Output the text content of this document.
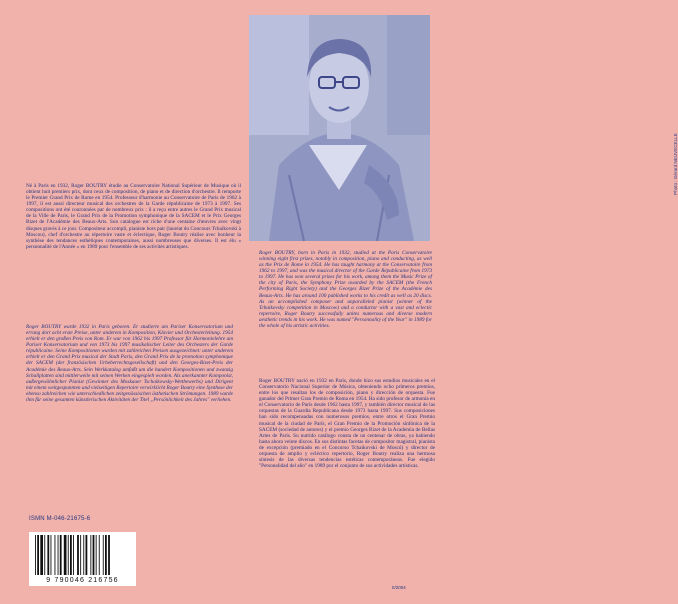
Photo : Gérard NEUVECELLE

Né à Paris en 1932, Roger BOUTRY étudie au Conservatoire National Supérieur de Musique où il obtient huit premiers prix, dont ceux de composition, de piano et de direction d'orchestre. Il remporte le Premier Grand Prix de Rome en 1954. Professeur d'harmonie au Conservatoire de Paris de 1962 à 1997, il est aussi directeur musical des orchestres de la Garde républicaine de 1973 à 1997. Ses compositions ont été couronnées par de nombreux prix : il a reçu entre autres le Grand Prix musical de la Ville de Paris, le Grand Prix de la Promotion symphonique de la SACEM et le Prix Georges Bizet de l'Académie des Beaux-Arts. Son catalogue est riche d'une centaine d'œuvres avec vingt disques gravés à ce jour. Compositeur accompli, pianiste hors pair (lauréat du Concours Tchaïkovski à Moscou), chef d'orchestre au répertoire vaste et éclectique, Roger Boutry réalise avec bonheur la synthèse des tendances esthétiques contemporaines, aussi nombreuses que diverses. Il est élu « personnalité de l'Année » en 1989 pour l'ensemble de ses activités artistiques.

Roger BOUTRY, born in Paris in 1932, studied at the Paris Conservatoire winning eight first prizes, notably in composition, piano and conducting, as well as the Prix de Rome in 1954. He has taught harmony at the Conservatoire from 1962 to 1997, and was the musical director of the Garde Républicaine from 1973 to 1997. He has won several prizes for his work, among them the Music Prize of the city of Paris, the Symphony Prize awarded by the SACEM (the French Performing Right Society) and the Georges Bizet Prize of the Académie des Beaux-Arts. He has around 100 published works to his credit as well as 20 discs. As an accomplished composer and unparalleled pianist (winner of the Tchaikovsky competition in Moscow) and a conductor with a vast and eclectic repertoire, Roger Boutry successfully unites numerous and diverse modern aesthetic trends in his work. He was named "Personnality of the Year" in 1989 for the whole of his artistic activities.

Roger BOUTRY wurde 1932 in Paris geboren. Er studierte am Pariser Konservatorium und errang dort acht erste Preise, unter anderem in Komposition, Klavier und Orchesterleitung. 1954 erhielt er den großen Preis von Rom. Er war von 1962 bis 1997 Professor für Harmonielehre am Pariser Konservatorium und von 1973 bis 1997 musikalischer Leiter des Orchesters der Garde républicaine. Seine Kompositionen wurden mit zahlreichen Preisen ausgezeichnet: unter anderem erhielt er den Grand Prix musical der Stadt Paris, den Grand Prix de la promotion symphonique der SACEM (der französischen Urheberrechtsgesellschaft) und den Georges-Bizet-Preis der Académie des Beaux-Arts. Sein Werkkatalog umfaßt um die hundert Kompositionen und zwanzig Schallplatten sind mittlerweile mit seinen Werken eingespielt worden. Als anerkannter Komponist, außergewöhnlicher Pianist (Gewinner des Moskauer Tschaikowsky-Wettbewerbs) und Dirigent mit einem weitgespannten und vielseitigen Repertoire verwirklicht Roger Boutry eine Synthese der ebenso zahlreichen wie unterschiedlichen zeitgenössischen ästhetischen Strömungen. 1989 wurde ihm für seine gesamten künstlerischen Aktivitäten der Titel „Persönlichkeit des Jahres" verliehen.

Roger BOUTRY nació en 1932 en París, donde hizo sus estudios musicales en el Conservatorio Nacional Superior de Música, obteniendo ocho primeros premios, entre los que resaltan los de composición, piano y dirección de orquesta. Fue ganador del Primer Gran Premio de Roma en 1954. Ha sido profesor de armonía en el Conservatorio de París desde 1962 hasta 1997, y también director musical de las orquestas de la Guardia Republicana desde 1973 hasta 1997. Sus composiciones han sido recompensadas con numerosos premios, entre otros el Gran Premio musical de la ciudad de París, el Gran Premio de la Promoción sinfónica de la SACEM (sociedad de autores) y el premio Georges Bizet de la Academia de Bellas Artes de París. Su nutrido catálogo consta de un centenar de obras, ya habiendo hasta ahora veinte discos. En sus distintas facetas de compositor magistral, pianista de excepción (premiado en el Concurso Tchaikovski de Moscú) y director de orquesta de amplio y ecléctico repertorio, Roger Boutry realiza una hermosa síntesis de las diversas tendencias estéticas contemporáneas. Fue elegido "Personalidad del año" en 1989 por el conjunto de sus actividades artísticas.

ISMN M-046-21675-6
9 790046 216756
II/2004
